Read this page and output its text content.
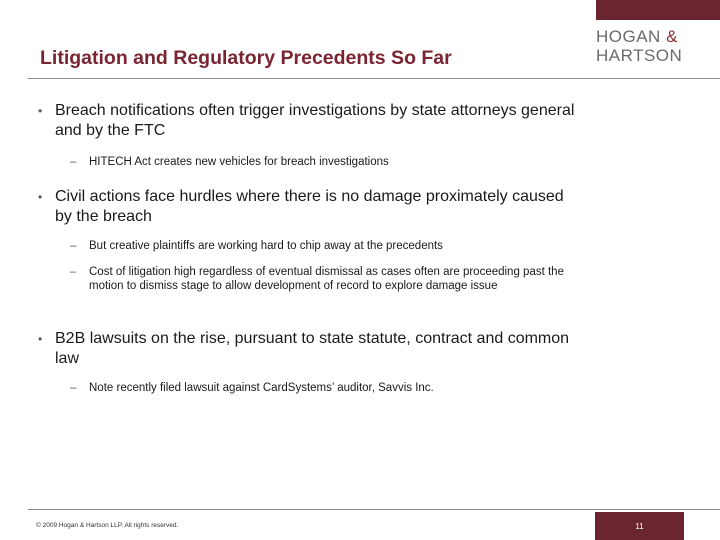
HOGAN &
HARTSON
Litigation and Regulatory Precedents So Far
• Breach notifications often trigger investigations by state attorneys general and by the FTC
– HITECH Act creates new vehicles for breach investigations
• Civil actions face hurdles where there is no damage proximately caused by the breach
– But creative plaintiffs are working hard to chip away at the precedents
– Cost of litigation high regardless of eventual dismissal as cases often are proceeding past the motion to dismiss stage to allow development of record to explore damage issue
• B2B lawsuits on the rise, pursuant to state statute, contract and common law
– Note recently filed lawsuit against CardSystems’ auditor, Savvis Inc.
© 2009 Hogan & Hartson LLP. All rights reserved.	11
